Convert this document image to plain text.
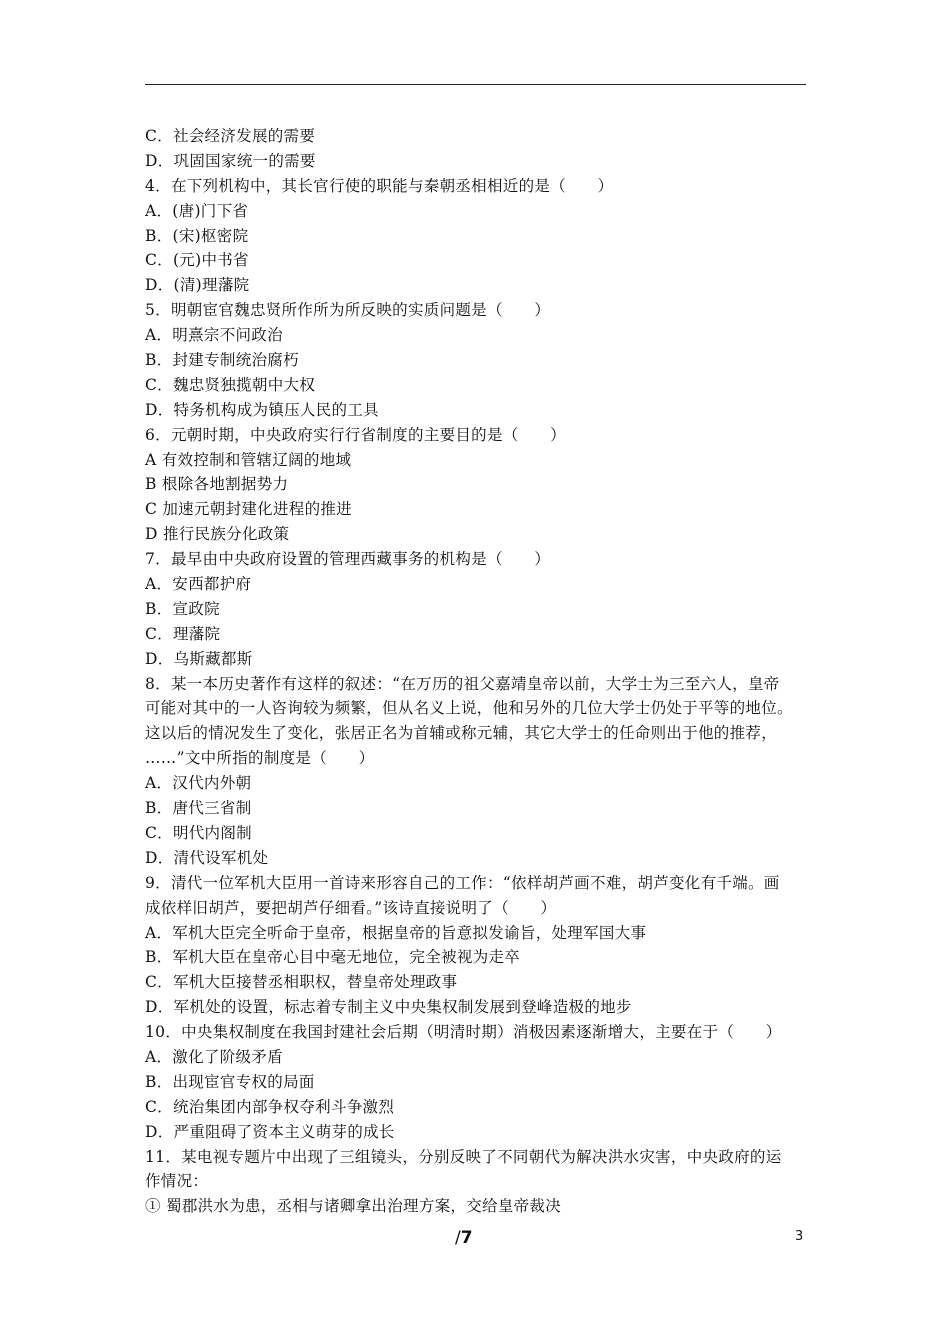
C．社会经济发展的需要
D．巩固国家统一的需要
4．在下列机构中，其长官行使的职能与秦朝丞相相近的是（　　）
A．(唐)门下省
B．(宋)枢密院
C．(元)中书省
D．(清)理藩院
5．明朝宦官魏忠贤所作所为所反映的实质问题是（　　）
A．明熹宗不问政治
B．封建专制统治腐朽
C．魏忠贤独揽朝中大权
D．特务机构成为镇压人民的工具
6．元朝时期，中央政府实行行省制度的主要目的是（　　）
A 有效控制和管辖辽阔的地域
B 根除各地割据势力
C 加速元朝封建化进程的推进
D 推行民族分化政策
7．最早由中央政府设置的管理西藏事务的机构是（　　）
A．安西都护府
B．宣政院
C．理藩院
D．乌斯藏都斯
8．某一本历史著作有这样的叙述：“在万历的祖父嘉靖皇帝以前，大学士为三至六人，皇帝
可能对其中的一人咨询较为频繁，但从名义上说，他和另外的几位大学士仍处于平等的地位。
这以后的情况发生了变化，张居正名为首辅或称元辅，其它大学士的任命则出于他的推荐，
……”文中所指的制度是（　　）
A．汉代内外朝
B．唐代三省制
C．明代内阁制
D．清代设军机处
9．清代一位军机大臣用一首诗来形容自己的工作：“依样胡芦画不难，胡芦变化有千端。画
成依样旧胡芦，要把胡芦仔细看。”该诗直接说明了（　　）
A．军机大臣完全听命于皇帝，根据皇帝的旨意拟发谕旨，处理军国大事
B．军机大臣在皇帝心目中毫无地位，完全被视为走卒
C．军机大臣接替丞相职权，替皇帝处理政事
D．军机处的设置，标志着专制主义中央集权制发展到登峰造极的地步
10．中央集权制度在我国封建社会后期（明清时期）消极因素逐渐增大，主要在于（　　）
A．激化了阶级矛盾
B．出现宦官专权的局面
C．统治集团内部争权夺利斗争激烈
D．严重阻碍了资本主义萌芽的成长
11．某电视专题片中出现了三组镜头，分别反映了不同朝代为解决洪水灾害，中央政府的运
作情况：
① 蜀郡洪水为患，丞相与诸卿拿出治理方案，交给皇帝裁决
/7	3
